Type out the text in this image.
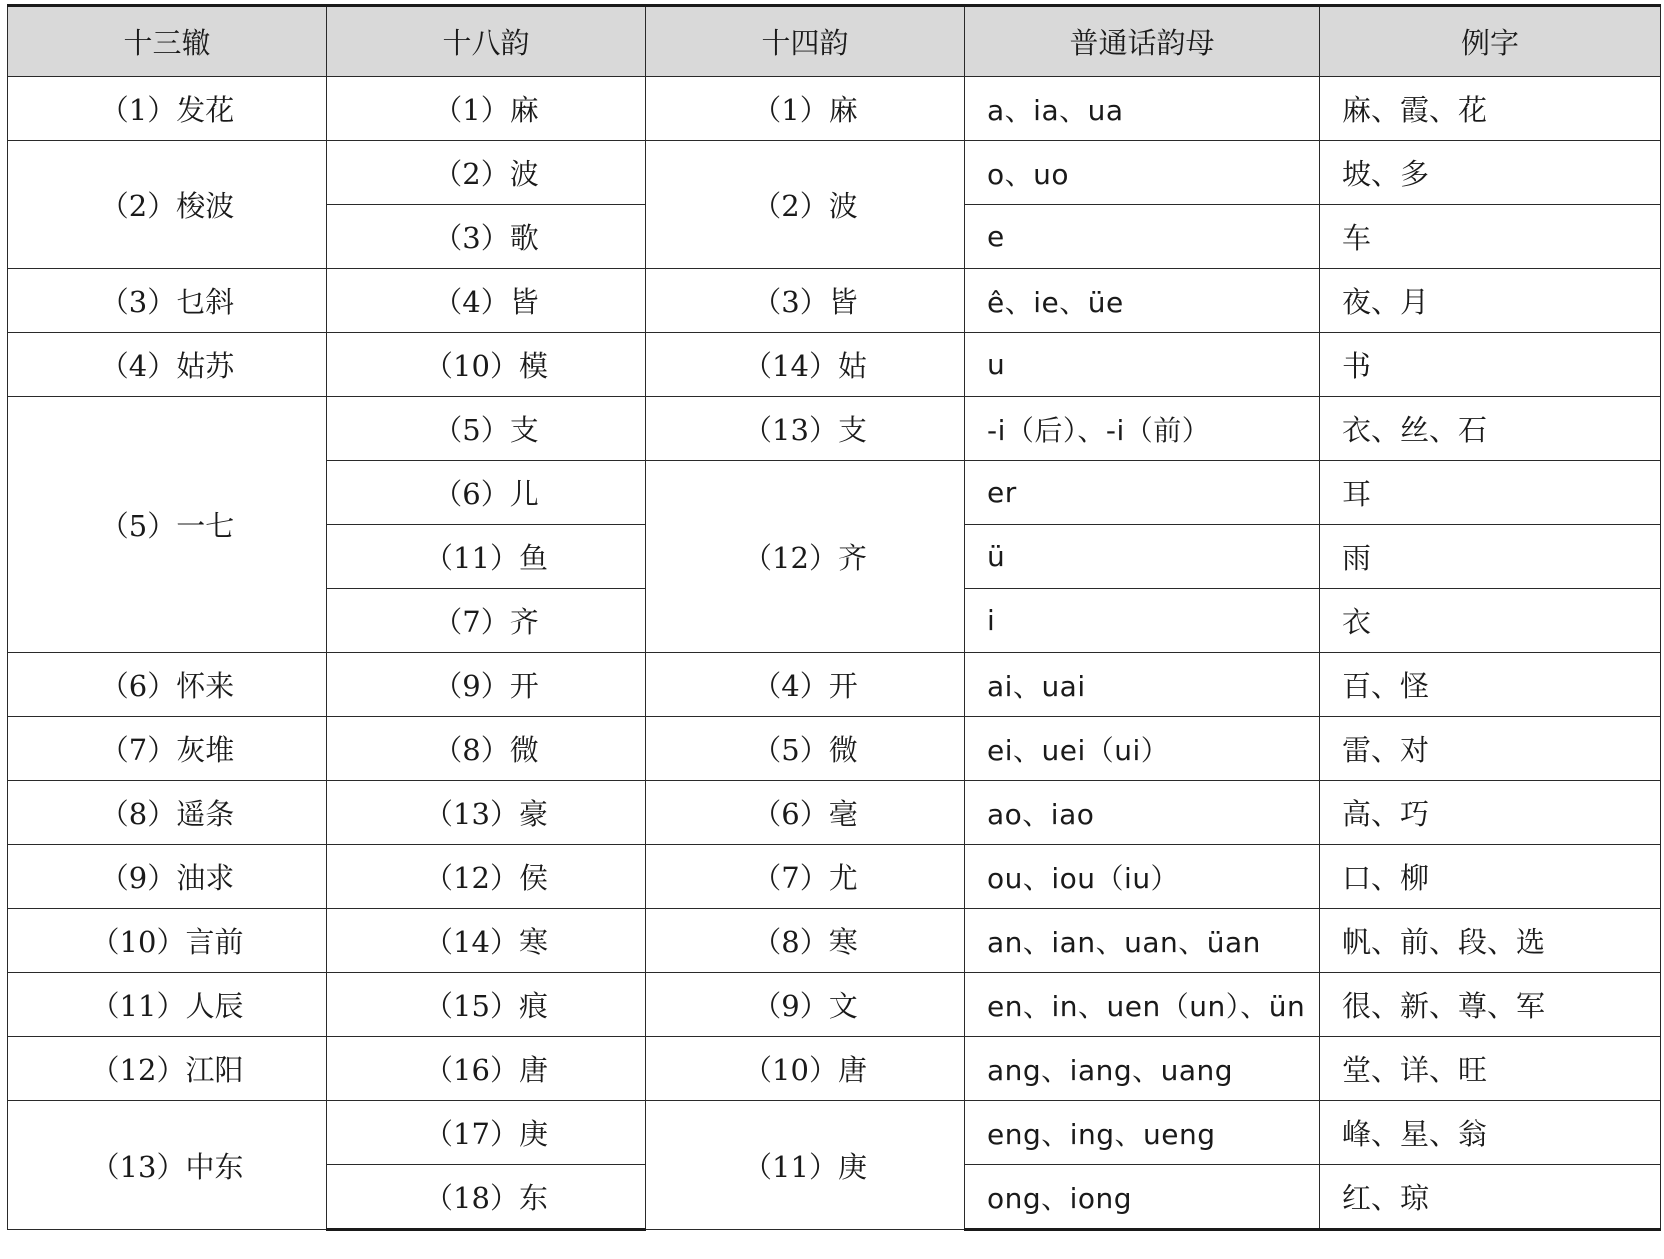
十三辙	十八韵	十四韵	普通话韵母	例字
（1）发花	（1）麻	（1）麻	a、ia、ua	麻、霞、花
（2）梭波	（2）波	（2）波	o、uo	坡、多
	（3）歌		e	车
（3）乜斜	（4）皆	（3）皆	ê、ie、üe	夜、月
（4）姑苏	（10）模	（14）姑	u	书
（5）一七	（5）支	（13）支	-i（后）、-i（前）	衣、丝、石
	（6）儿	（12）齐	er	耳
	（11）鱼		ü	雨
	（7）齐		i	衣
（6）怀来	（9）开	（4）开	ai、uai	百、怪
（7）灰堆	（8）微	（5）微	ei、uei（ui）	雷、对
（8）遥条	（13）豪	（6）毫	ao、iao	高、巧
（9）油求	（12）侯	（7）尤	ou、iou（iu）	口、柳
（10）言前	（14）寒	（8）寒	an、ian、uan、üan	帆、前、段、选
（11）人辰	（15）痕	（9）文	en、in、uen（un）、ün	很、新、尊、军
（12）江阳	（16）唐	（10）唐	ang、iang、uang	堂、详、旺
（13）中东	（17）庚	（11）庚	eng、ing、ueng	峰、星、翁
	（18）东		ong、iong	红、琼
